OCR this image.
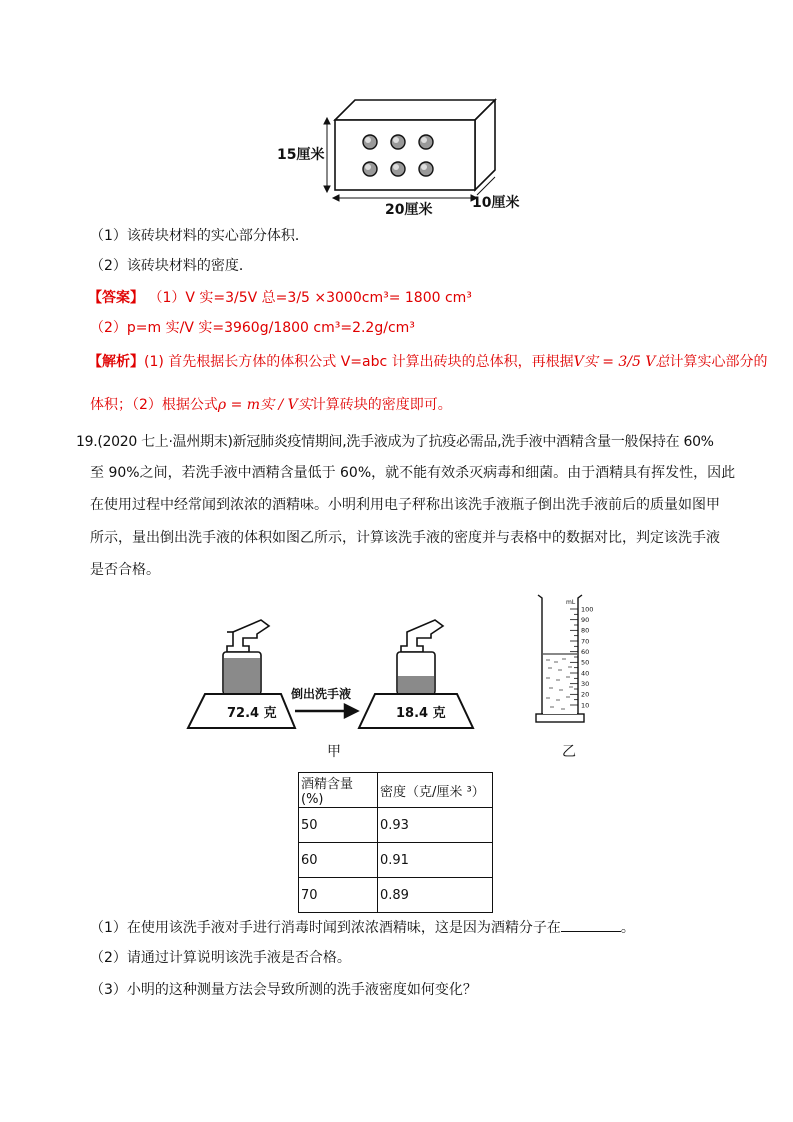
15厘米
20厘米	10厘米
（1）该砖块材料的实心部分体积．
（2）该砖块材料的密度．
【答案】 （1）V 实=3/5V 总=3/5 ×3000cm³= 1800 cm³
（2）p=m 实/V 实=3960g/1800 cm³=2.2g/cm³
【解析】(1) 首先根据长方体的体积公式 V=abc 计算出砖块的总体积，再根据V实 = 3/5 V总计算实心部分的
体积；（2）根据公式ρ = m实 / V实计算砖块的密度即可。
19.(2020 七上·温州期末)新冠肺炎疫情期间,洗手液成为了抗疫必需品,洗手液中酒精含量一般保持在 60%
至 90%之间，若洗手液中酒精含量低于 60%，就不能有效杀灭病毒和细菌。由于酒精具有挥发性，因此
在使用过程中经常闻到浓浓的酒精味。小明利用电子秤称出该洗手液瓶子倒出洗手液前后的质量如图甲
所示，量出倒出洗手液的体积如图乙所示，计算该洗手液的密度并与表格中的数据对比，判定该洗手液
是否合格。
72.4 克
倒出洗手液
18.4 克
甲
100
90
80
70
60
50
40
30
20
10
mL
乙
酒精含量(%)	密度（克/厘米 ³）
50	0.93
60	0.91
70	0.89
（1）在使用该洗手液对手进行消毒时闻到浓浓酒精味，这是因为酒精分子在	。
（2）请通过计算说明该洗手液是否合格。
（3）小明的这种测量方法会导致所测的洗手液密度如何变化？
